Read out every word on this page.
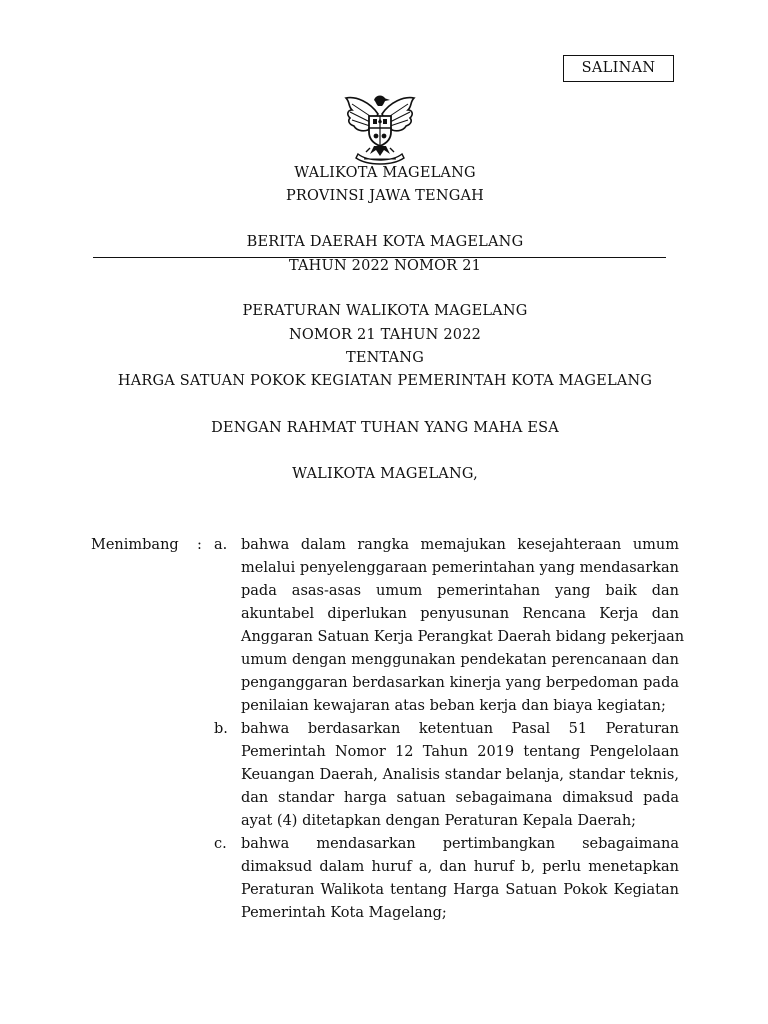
SALINAN
WALIKOTA MAGELANG
PROVINSI JAWA TENGAH
BERITA DAERAH KOTA MAGELANG
TAHUN 2022 NOMOR 21
PERATURAN WALIKOTA MAGELANG
NOMOR 21 TAHUN 2022
TENTANG
HARGA SATUAN POKOK KEGIATAN PEMERINTAH KOTA MAGELANG
DENGAN RAHMAT TUHAN YANG MAHA ESA
WALIKOTA MAGELANG,
Menimbang : a. bahwa dalam rangka memajukan kesejahteraan umum
melalui penyelenggaraan pemerintahan yang mendasarkan
pada asas-asas umum pemerintahan yang baik dan
akuntabel diperlukan penyusunan Rencana Kerja dan
Anggaran Satuan Kerja Perangkat Daerah bidang pekerjaan
umum dengan menggunakan pendekatan perencanaan dan
penganggaran berdasarkan kinerja yang berpedoman pada
penilaian kewajaran atas beban kerja dan biaya kegiatan;
b. bahwa berdasarkan ketentuan Pasal 51 Peraturan
Pemerintah Nomor 12 Tahun 2019 tentang Pengelolaan
Keuangan Daerah, Analisis standar belanja, standar teknis,
dan standar harga satuan sebagaimana dimaksud pada
ayat (4) ditetapkan dengan Peraturan Kepala Daerah;
c. bahwa mendasarkan pertimbangkan sebagaimana
dimaksud dalam huruf a, dan huruf b, perlu menetapkan
Peraturan Walikota tentang Harga Satuan Pokok Kegiatan
Pemerintah Kota Magelang;
